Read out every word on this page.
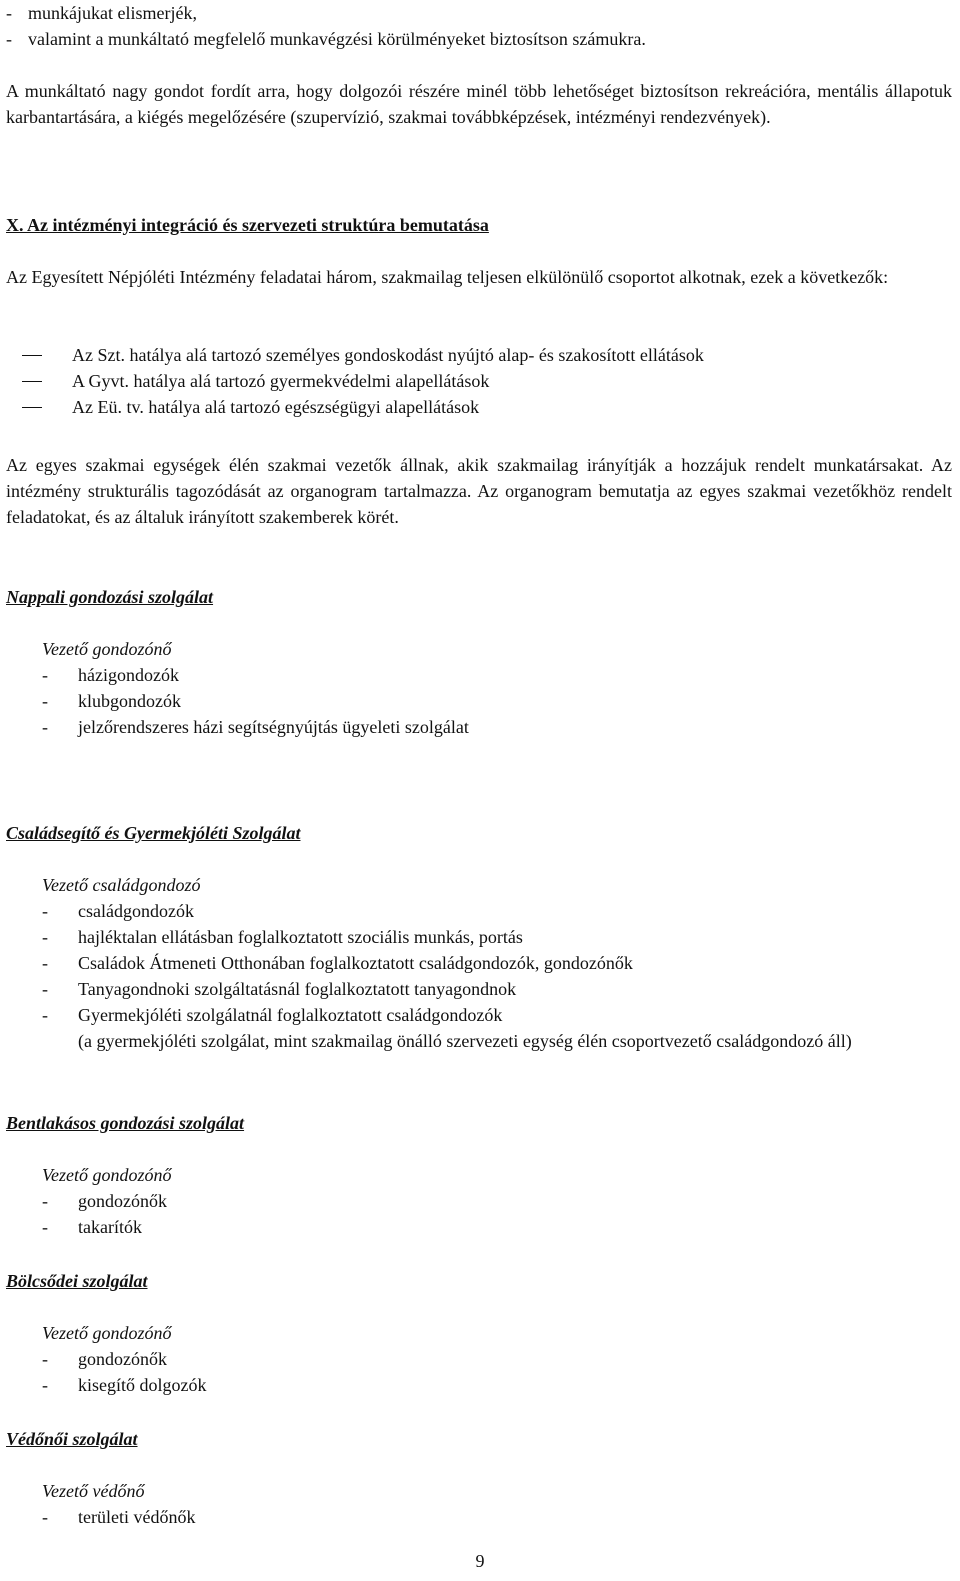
- munkájukat elismerjék,
- valamint a munkáltató megfelelő munkavégzési körülményeket biztosítson számukra.

A munkáltató nagy gondot fordít arra, hogy dolgozói részére minél több lehetőséget biztosítson rekreációra, mentális állapotuk karbantartására, a kiégés megelőzésére (szupervízió, szakmai továbbképzések, intézményi rendezvények).

X. Az intézményi integráció és szervezeti struktúra bemutatása

Az Egyesített Népjóléti Intézmény feladatai három, szakmailag teljesen elkülönülő csoportot alkotnak, ezek a következők:

Az Szt. hatálya alá tartozó személyes gondoskodást nyújtó alap- és szakosított ellátások
A Gyvt. hatálya alá tartozó gyermekvédelmi alapellátások
Az Eü. tv. hatálya alá tartozó egészségügyi alapellátások

Az egyes szakmai egységek élén szakmai vezetők állnak, akik szakmailag irányítják a hozzájuk rendelt munkatársakat. Az intézmény strukturális tagozódását az organogram tartalmazza. Az organogram bemutatja az egyes szakmai vezetőkhöz rendelt feladatokat, és az általuk irányított szakemberek körét.

Nappali gondozási szolgálat
Vezető gondozónő
-	házigondozók
-	klubgondozók
-	jelzőrendszeres házi segítségnyújtás ügyeleti szolgálat
Családsegítő és Gyermekjóléti Szolgálat
Vezető családgondozó
-	családgondozók
-	hajléktalan ellátásban foglalkoztatott szociális munkás, portás
-	Családok Átmeneti Otthonában foglalkoztatott családgondozók, gondozónők
-	Tanyagondnoki szolgáltatásnál foglalkoztatott tanyagondnok
-	Gyermekjóléti szolgálatnál foglalkoztatott családgondozók
(a gyermekjóléti szolgálat, mint szakmailag önálló szervezeti egység élén csoportvezető családgondozó áll)
Bentlakásos gondozási szolgálat
Vezető gondozónő
-	gondozónők
-	takarítók
Bölcsődei szolgálat
Vezető gondozónő
-	gondozónők
-	kisegítő dolgozók
Védőnői szolgálat
Vezető védőnő
-	területi védőnők
9
